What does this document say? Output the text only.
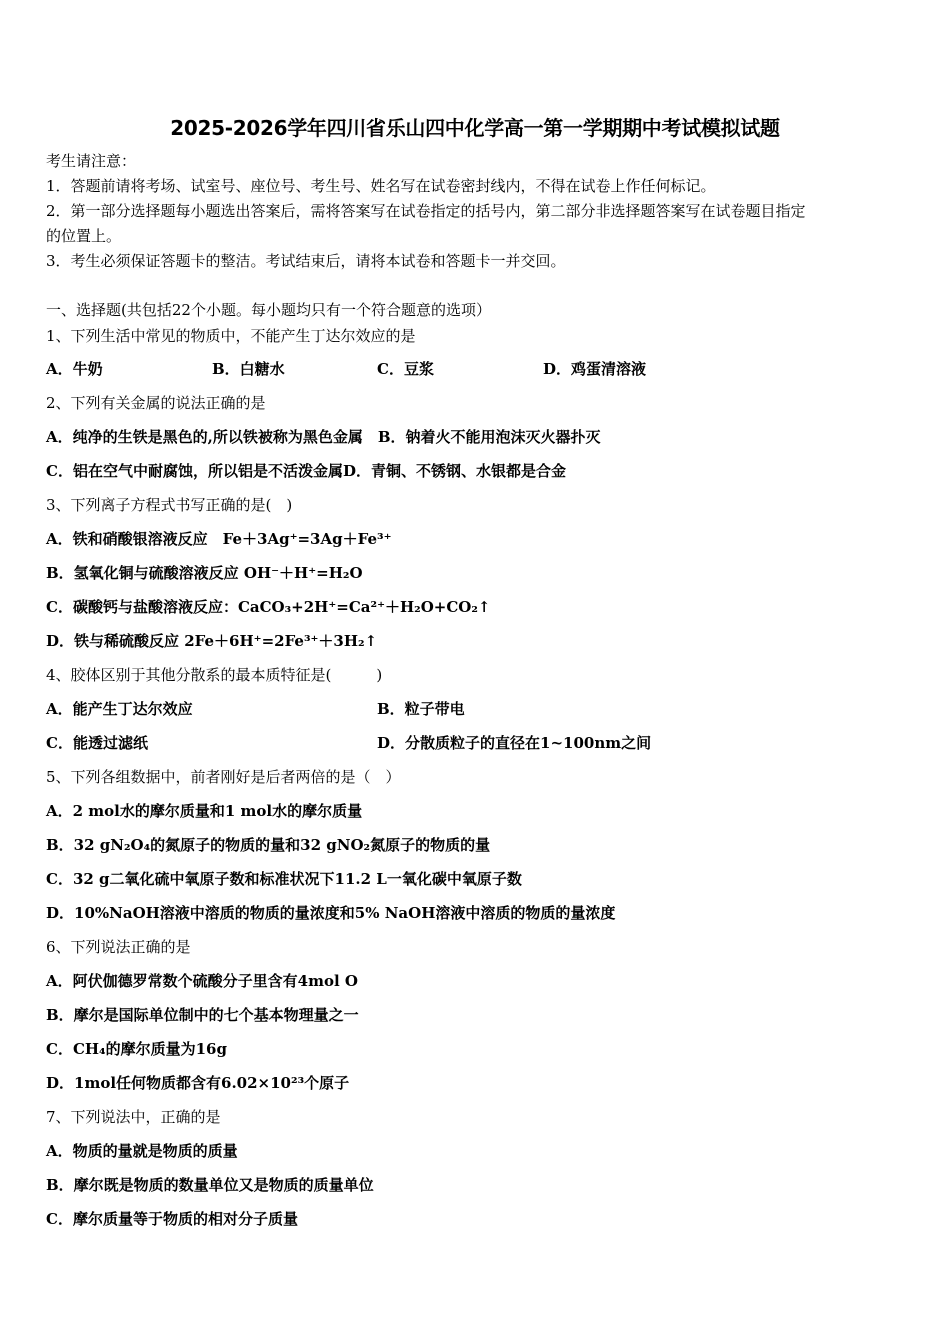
2025-2026学年四川省乐山四中化学高一第一学期期中考试模拟试题
考生请注意：
1．答题前请将考场、试室号、座位号、考生号、姓名写在试卷密封线内，不得在试卷上作任何标记。
2．第一部分选择题每小题选出答案后，需将答案写在试卷指定的括号内，第二部分非选择题答案写在试卷题目指定
的位置上。
3．考生必须保证答题卡的整洁。考试结束后，请将本试卷和答题卡一并交回。
一、选择题(共包括22个小题。每小题均只有一个符合题意的选项）
1、下列生活中常见的物质中，不能产生丁达尔效应的是
A．牛奶	B．白糖水	C．豆浆	D．鸡蛋清溶液
2、下列有关金属的说法正确的是
A．纯净的生铁是黑色的,所以铁被称为黑色金属　B．钠着火不能用泡沫灭火器扑灭
C．铝在空气中耐腐蚀，所以铝是不活泼金属D．青铜、不锈钢、水银都是合金
3、下列离子方程式书写正确的是(　)
A．铁和硝酸银溶液反应　Fe＋3Ag⁺=3Ag＋Fe³⁺
B．氢氧化铜与硫酸溶液反应 OH⁻＋H⁺=H₂O
C．碳酸钙与盐酸溶液反应：CaCO₃+2H⁺=Ca²⁺＋H₂O+CO₂↑
D．铁与稀硫酸反应 2Fe＋6H⁺=2Fe³⁺＋3H₂↑
4、胶体区别于其他分散系的最本质特征是(　　　)
A．能产生丁达尔效应	B．粒子带电
C．能透过滤纸	D．分散质粒子的直径在1~100nm之间
5、下列各组数据中，前者刚好是后者两倍的是（　）
A．2 mol水的摩尔质量和1 mol水的摩尔质量
B．32 gN₂O₄的氮原子的物质的量和32 gNO₂氮原子的物质的量
C．32 g二氧化硫中氧原子数和标准状况下11.2 L一氧化碳中氧原子数
D．10%NaOH溶液中溶质的物质的量浓度和5% NaOH溶液中溶质的物质的量浓度
6、下列说法正确的是
A．阿伏伽德罗常数个硫酸分子里含有4mol O
B．摩尔是国际单位制中的七个基本物理量之一
C．CH₄的摩尔质量为16g
D．1mol任何物质都含有6.02×10²³个原子
7、下列说法中，正确的是
A．物质的量就是物质的质量
B．摩尔既是物质的数量单位又是物质的质量单位
C．摩尔质量等于物质的相对分子质量
